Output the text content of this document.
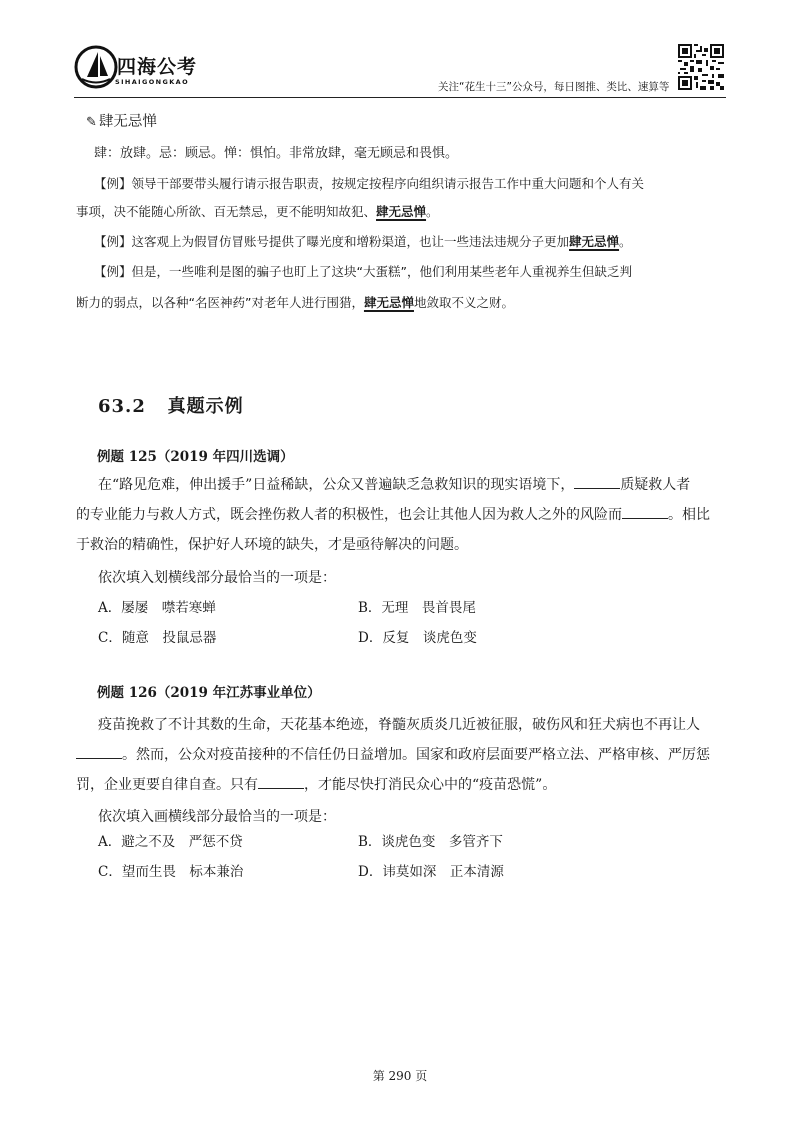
四海公考
SIHAIGONGKAO	关注“花生十三”公众号，每日图推、类比、速算等
✎ 肆无忌惮
肆：放肆。忌：顾忌。惮：惧怕。非常放肆，毫无顾忌和畏惧。
【例】领导干部要带头履行请示报告职责，按规定按程序向组织请示报告工作中重大问题和个人有关
事项，决不能随心所欲、百无禁忌，更不能明知故犯、肆无忌惮。
【例】这客观上为假冒仿冒账号提供了曝光度和增粉渠道，也让一些违法违规分子更加肆无忌惮。
【例】但是，一些唯利是图的骗子也盯上了这块“大蛋糕”，他们利用某些老年人重视养生但缺乏判
断力的弱点，以各种“名医神药”对老年人进行围猎，肆无忌惮地敛取不义之财。
63.2 真题示例
例题 125（2019 年四川选调）
在“路见危难，伸出援手”日益稀缺，公众又普遍缺乏急救知识的现实语境下，	质疑救人者
的专业能力与救人方式，既会挫伤救人者的积极性，也会让其他人因为救人之外的风险而	。相比
于救治的精确性，保护好人环境的缺失，才是亟待解决的问题。
依次填入划横线部分最恰当的一项是：
A．屡屡　噤若寒蝉	B．无理　畏首畏尾
C．随意　投鼠忌器	D．反复　谈虎色变
例题 126（2019 年江苏事业单位）
疫苗挽救了不计其数的生命，天花基本绝迹，脊髓灰质炎几近被征服，破伤风和狂犬病也不再让人
。然而，公众对疫苗接种的不信任仍日益增加。国家和政府层面要严格立法、严格审核、严厉惩
罚，企业更要自律自查。只有	，才能尽快打消民众心中的“疫苗恐慌”。
依次填入画横线部分最恰当的一项是：
A．避之不及　严惩不贷	B．谈虎色变　多管齐下
C．望而生畏　标本兼治	D．讳莫如深　正本清源
第 290 页
